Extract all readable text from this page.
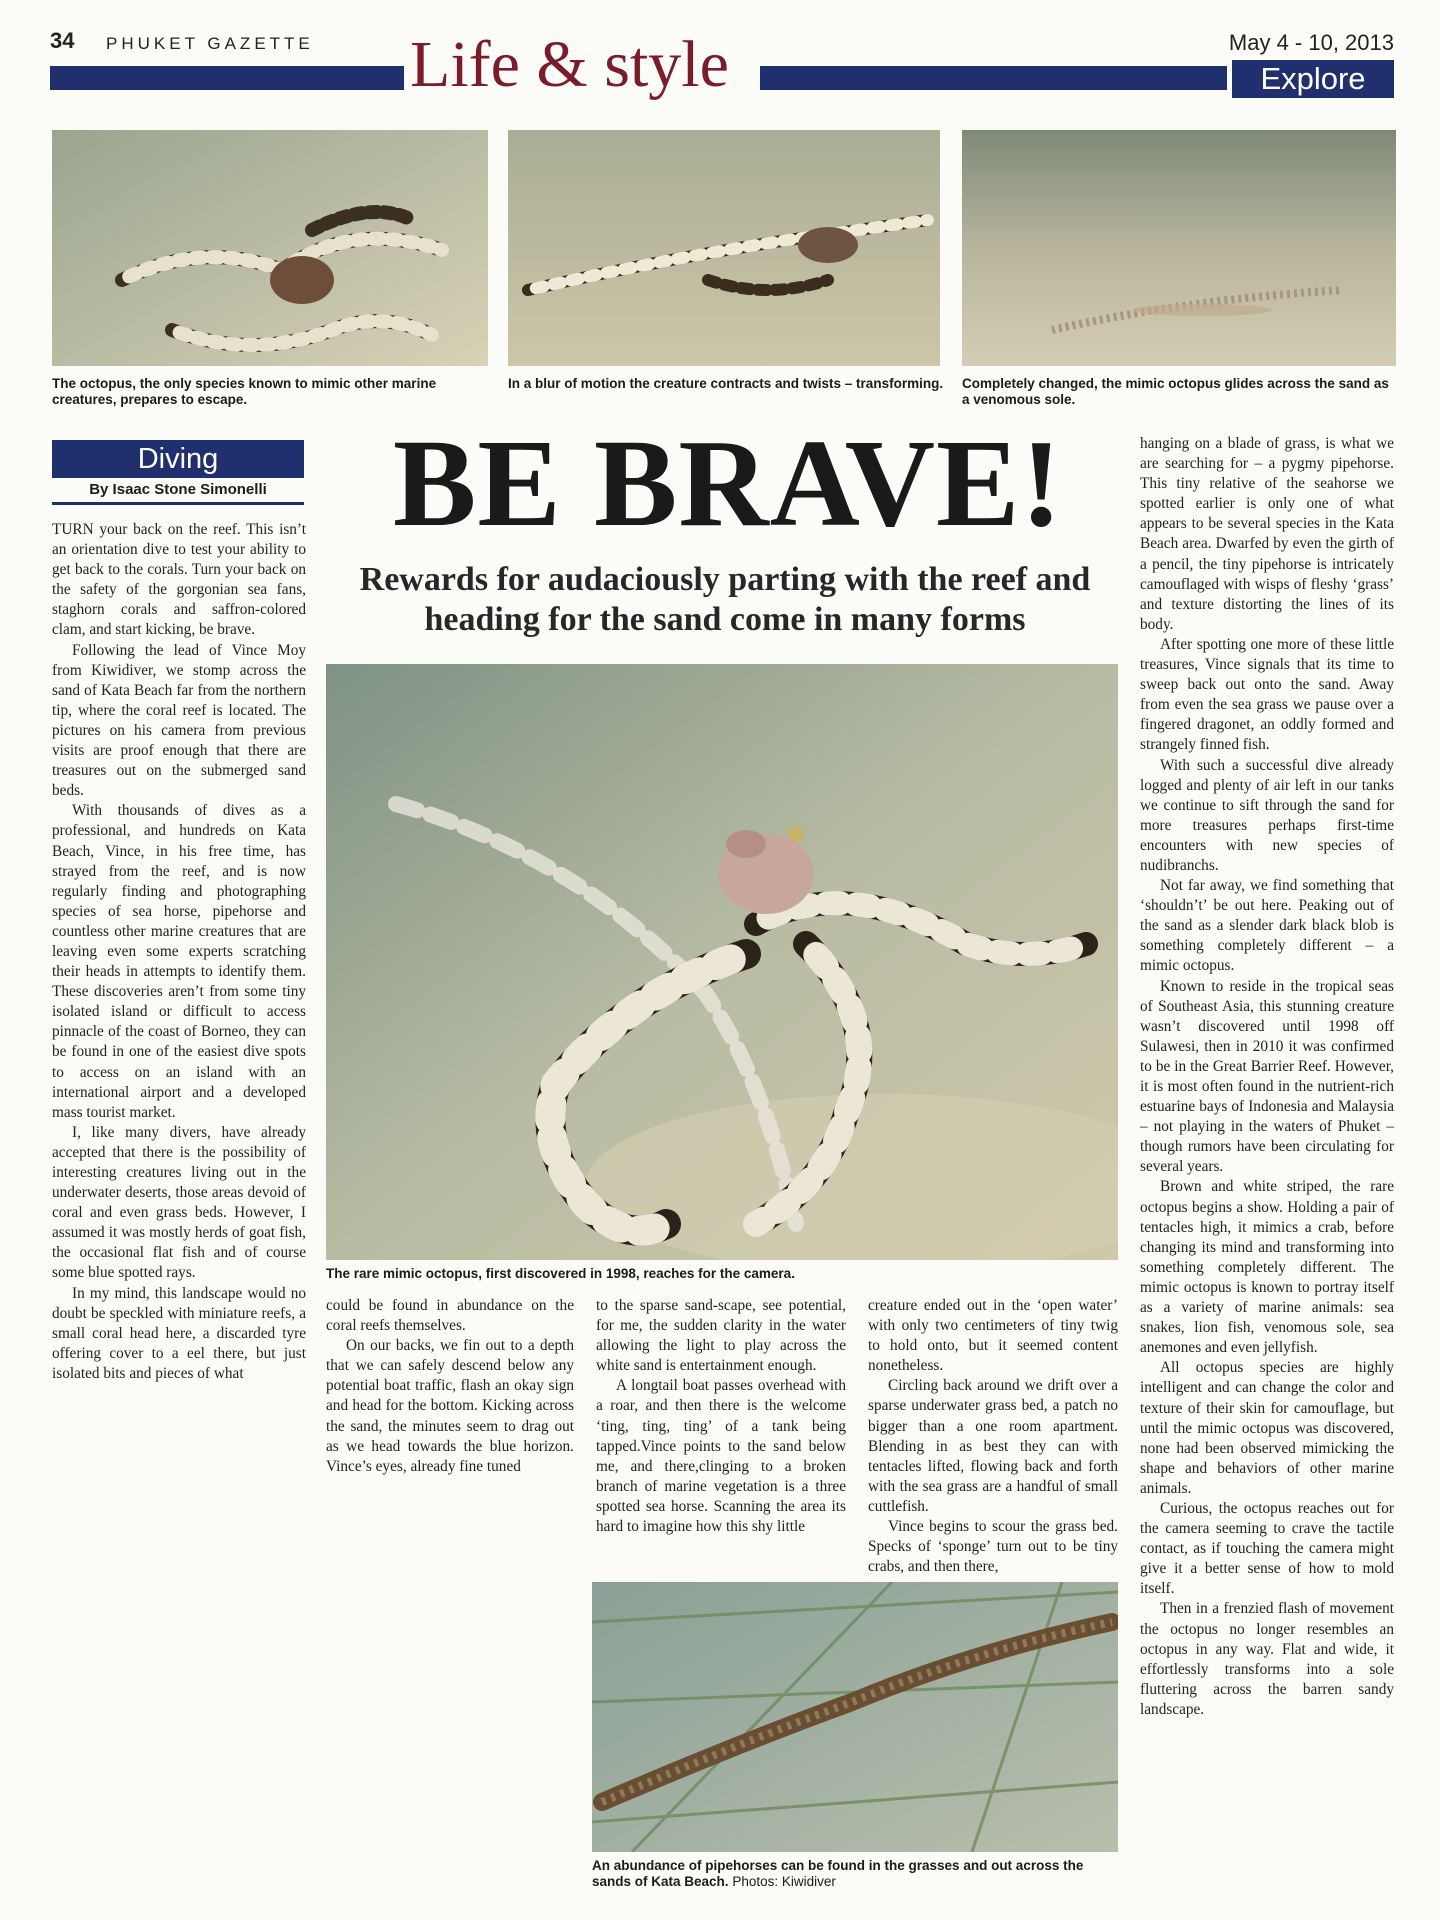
34 PHUKET GAZETTE	May 4 - 10, 2013
Life & style	Explore
The octopus, the only species known to mimic other marine creatures, prepares to escape.
In a blur of motion the creature contracts and twists – transforming.	Completely changed, the mimic octopus glides across the sand as a venomous sole.
Diving
By Isaac Stone Simonelli	BE BRAVE!
Rewards for audaciously parting with the reef and heading for the sand come in many forms
The rare mimic octopus, first discovered in 1998, reaches for the camera.

TURN your back on the reef. This isn’t an orientation dive to test your ability to get back to the corals. Turn your back on the safety of the gorgonian sea fans, staghorn corals and saffron-colored clam, and start kicking, be brave.

Following the lead of Vince Moy from Kiwidiver, we stomp across the sand of Kata Beach far from the northern tip, where the coral reef is located. The pictures on his camera from previous visits are proof enough that there are treasures out on the submerged sand beds.

With thousands of dives as a professional, and hundreds on Kata Beach, Vince, in his free time, has strayed from the reef, and is now regularly finding and photographing species of sea horse, pipehorse and countless other marine creatures that are leaving even some experts scratching their heads in attempts to identify them. These discoveries aren’t from some tiny isolated island or difficult to access pinnacle of the coast of Borneo, they can be found in one of the easiest dive spots to access on an island with an international airport and a developed mass tourist market.

I, like many divers, have already accepted that there is the possibility of interesting creatures living out in the underwater deserts, those areas devoid of coral and even grass beds. However, I assumed it was mostly herds of goat fish, the occasional flat fish and of course some blue spotted rays.

In my mind, this landscape would no doubt be speckled with miniature reefs, a small coral head here, a discarded tyre offering cover to a eel there, but just isolated bits and pieces of what

could be found in abundance on the coral reefs themselves.

On our backs, we fin out to a depth that we can safely descend below any potential boat traffic, flash an okay sign and head for the bottom. Kicking across the sand, the minutes seem to drag out as we head towards the blue horizon. Vince’s eyes, already fine tuned

to the sparse sand-scape, see potential, for me, the sudden clarity in the water allowing the light to play across the white sand is entertainment enough.

A longtail boat passes overhead with a roar, and then there is the welcome ‘ting, ting, ting’ of a tank being tapped.Vince points to the sand below me, and there,clinging to a broken branch of marine vegetation is a three spotted sea horse. Scanning the area its hard to imagine how this shy little

creature ended out in the ‘open water’ with only two centimeters of tiny twig to hold onto, but it seemed content nonetheless.

Circling back around we drift over a sparse underwater grass bed, a patch no bigger than a one room apartment. Blending in as best they can with tentacles lifted, flowing back and forth with the sea grass are a handful of small cuttlefish.

Vince begins to scour the grass bed. Specks of ‘sponge’ turn out to be tiny crabs, and then there,

An abundance of pipehorses can be found in the grasses and out across the sands of Kata Beach. Photos: Kiwidiver

hanging on a blade of grass, is what we are searching for – a pygmy pipehorse. This tiny relative of the seahorse we spotted earlier is only one of what appears to be several species in the Kata Beach area. Dwarfed by even the girth of a pencil, the tiny pipehorse is intricately camouflaged with wisps of fleshy ‘grass’ and texture distorting the lines of its body.

After spotting one more of these little treasures, Vince signals that its time to sweep back out onto the sand. Away from even the sea grass we pause over a fingered dragonet, an oddly formed and strangely finned fish.

With such a successful dive already logged and plenty of air left in our tanks we continue to sift through the sand for more treasures perhaps first-time encounters with new species of nudibranchs.

Not far away, we find something that ‘shouldn’t’ be out here. Peaking out of the sand as a slender dark black blob is something completely different – a mimic octopus.

Known to reside in the tropical seas of Southeast Asia, this stunning creature wasn’t discovered until 1998 off Sulawesi, then in 2010 it was confirmed to be in the Great Barrier Reef. However, it is most often found in the nutrient-rich estuarine bays of Indonesia and Malaysia – not playing in the waters of Phuket – though rumors have been circulating for several years.

Brown and white striped, the rare octopus begins a show. Holding a pair of tentacles high, it mimics a crab, before changing its mind and transforming into something completely different. The mimic octopus is known to portray itself as a variety of marine animals: sea snakes, lion fish, venomous sole, sea anemones and even jellyfish.

All octopus species are highly intelligent and can change the color and texture of their skin for camouflage, but until the mimic octopus was discovered, none had been observed mimicking the shape and behaviors of other marine animals.

Curious, the octopus reaches out for the camera seeming to crave the tactile contact, as if touching the camera might give it a better sense of how to mold itself.

Then in a frenzied flash of movement the octopus no longer resembles an octopus in any way. Flat and wide, it effortlessly transforms into a sole fluttering across the barren sandy landscape.
